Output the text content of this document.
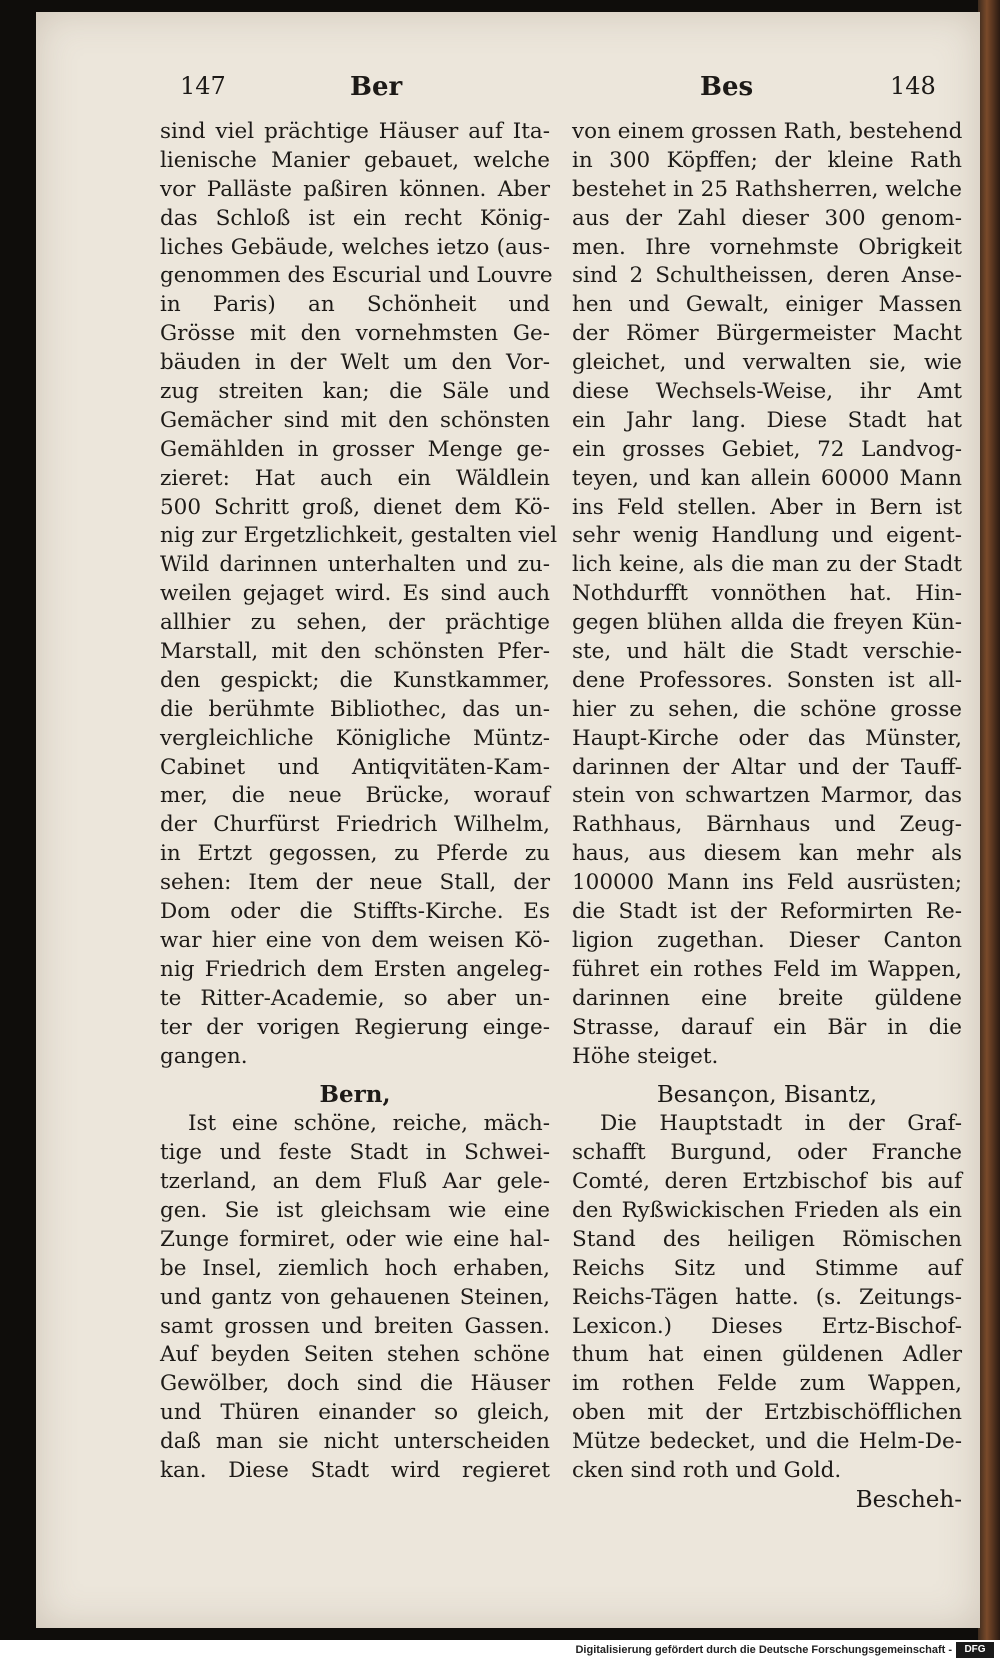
147	Ber	Bes	148
sind viel prächtige Häuser auf Ita-
lienische Manier gebauet, welche
vor Palläste paßiren können. Aber
das Schloß ist ein recht König-
liches Gebäude, welches ietzo (aus-
genommen des Escurial und Louvre
in Paris) an Schönheit und
Grösse mit den vornehmsten Ge-
bäuden in der Welt um den Vor-
zug streiten kan; die Säle und
Gemächer sind mit den schönsten
Gemählden in grosser Menge ge-
zieret: Hat auch ein Wäldlein
500 Schritt groß, dienet dem Kö-
nig zur Ergetzlichkeit, gestalten viel
Wild darinnen unterhalten und zu-
weilen gejaget wird. Es sind auch
allhier zu sehen, der prächtige
Marstall, mit den schönsten Pfer-
den gespickt; die Kunstkammer,
die berühmte Bibliothec, das un-
vergleichliche Königliche Müntz-
Cabinet und Antiqvitäten-Kam-
mer, die neue Brücke, worauf
der Churfürst Friedrich Wilhelm,
in Ertzt gegossen, zu Pferde zu
sehen: Item der neue Stall, der
Dom oder die Stiffts-Kirche. Es
war hier eine von dem weisen Kö-
nig Friedrich dem Ersten angeleg-
te Ritter-Academie, so aber un-
ter der vorigen Regierung einge-
gangen.
Bern,
Ist eine schöne, reiche, mäch-
tige und feste Stadt in Schwei-
tzerland, an dem Fluß Aar gele-
gen. Sie ist gleichsam wie eine
Zunge formiret, oder wie eine hal-
be Insel, ziemlich hoch erhaben,
und gantz von gehauenen Steinen,
samt grossen und breiten Gassen.
Auf beyden Seiten stehen schöne
Gewölber, doch sind die Häuser
und Thüren einander so gleich,
daß man sie nicht unterscheiden
kan. Diese Stadt wird regieret
von einem grossen Rath, bestehend
in 300 Köpffen; der kleine Rath
bestehet in 25 Rathsherren, welche
aus der Zahl dieser 300 genom-
men. Ihre vornehmste Obrigkeit
sind 2 Schultheissen, deren Anse-
hen und Gewalt, einiger Massen
der Römer Bürgermeister Macht
gleichet, und verwalten sie, wie
diese Wechsels-Weise, ihr Amt
ein Jahr lang. Diese Stadt hat
ein grosses Gebiet, 72 Landvog-
teyen, und kan allein 60000 Mann
ins Feld stellen. Aber in Bern ist
sehr wenig Handlung und eigent-
lich keine, als die man zu der Stadt
Nothdurfft vonnöthen hat. Hin-
gegen blühen allda die freyen Kün-
ste, und hält die Stadt verschie-
dene Professores. Sonsten ist all-
hier zu sehen, die schöne grosse
Haupt-Kirche oder das Münster,
darinnen der Altar und der Tauff-
stein von schwartzen Marmor, das
Rathhaus, Bärnhaus und Zeug-
haus, aus diesem kan mehr als
100000 Mann ins Feld ausrüsten;
die Stadt ist der Reformirten Re-
ligion zugethan. Dieser Canton
führet ein rothes Feld im Wappen,
darinnen eine breite güldene
Strasse, darauf ein Bär in die
Höhe steiget.
Besançon, Bisantz,
Die Hauptstadt in der Graf-
schafft Burgund, oder Franche
Comté, deren Ertzbischof bis auf
den Ryßwickischen Frieden als ein
Stand des heiligen Römischen
Reichs Sitz und Stimme auf
Reichs-Tägen hatte. (s. Zeitungs-
Lexicon.) Dieses Ertz-Bischof-
thum hat einen güldenen Adler
im rothen Felde zum Wappen,
oben mit der Ertzbischöfflichen
Mütze bedecket, und die Helm-De-
cken sind roth und Gold.
Bescheh-
Digitalisierung gefördert durch die Deutsche Forschungsgemeinschaft -	DFG
